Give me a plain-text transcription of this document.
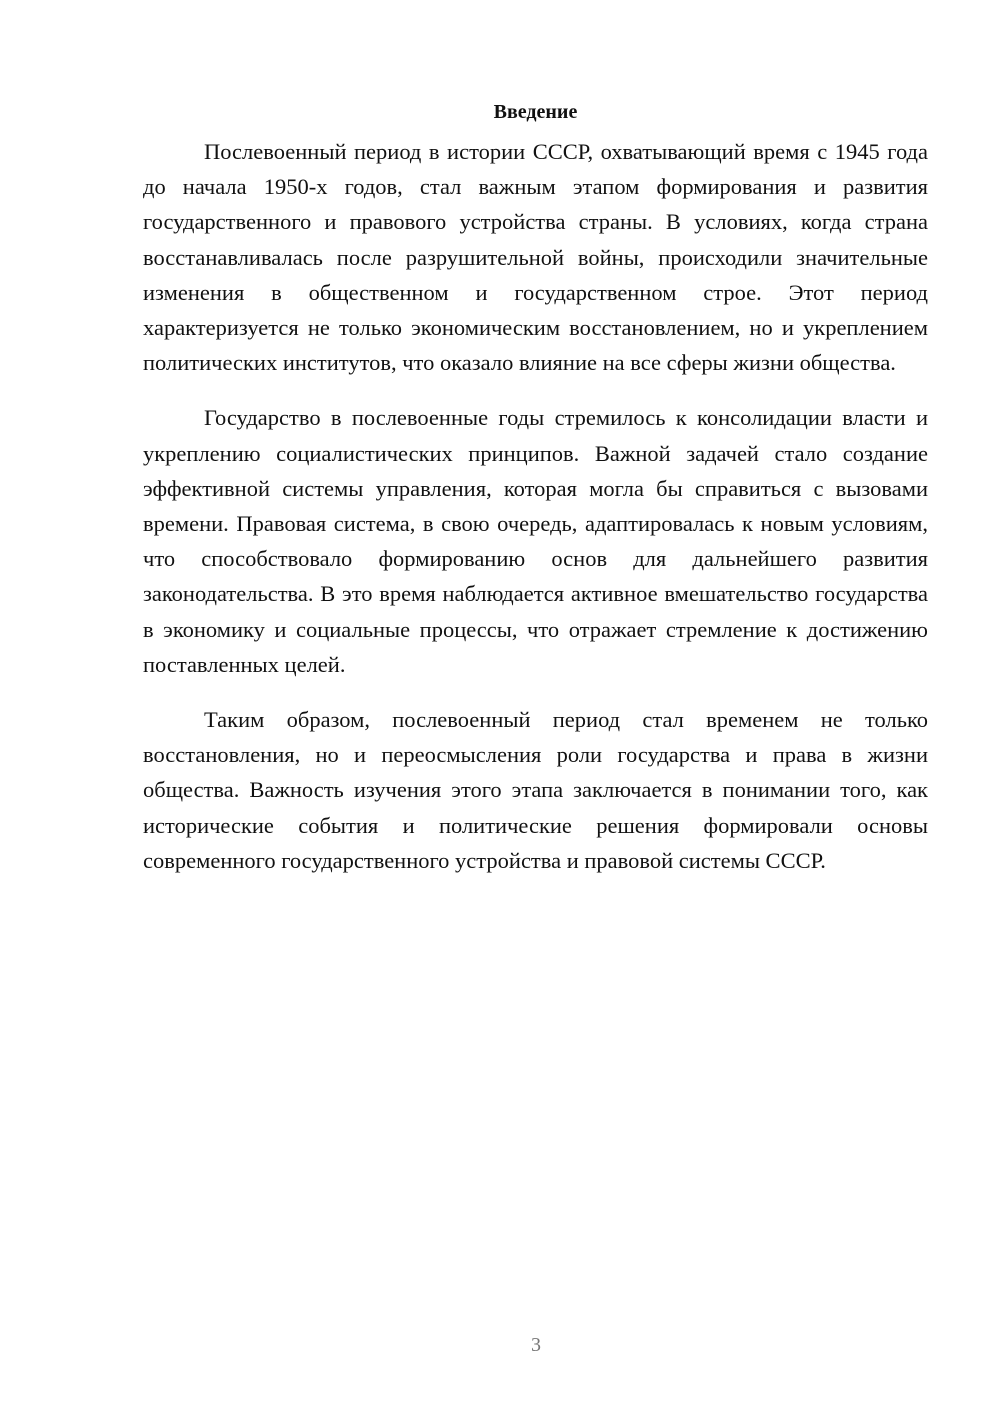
Введение

Послевоенный период в истории СССР, охватывающий время с 1945 года до начала 1950-х годов, стал важным этапом формирования и развития государственного и правового устройства страны. В условиях, когда страна восстанавливалась после разрушительной войны, происходили значительные изменения в общественном и государственном строе. Этот период характеризуется не только экономическим восстановлением, но и укреплением политических институтов, что оказало влияние на все сферы жизни общества.

Государство в послевоенные годы стремилось к консолидации власти и укреплению социалистических принципов. Важной задачей стало создание эффективной системы управления, которая могла бы справиться с вызовами времени. Правовая система, в свою очередь, адаптировалась к новым условиям, что способствовало формированию основ для дальнейшего развития законодательства. В это время наблюдается активное вмешательство государства в экономику и социальные процессы, что отражает стремление к достижению поставленных целей.

Таким образом, послевоенный период стал временем не только восстановления, но и переосмысления роли государства и права в жизни общества. Важность изучения этого этапа заключается в понимании того, как исторические события и политические решения формировали основы современного государственного устройства и правовой системы СССР.

3
